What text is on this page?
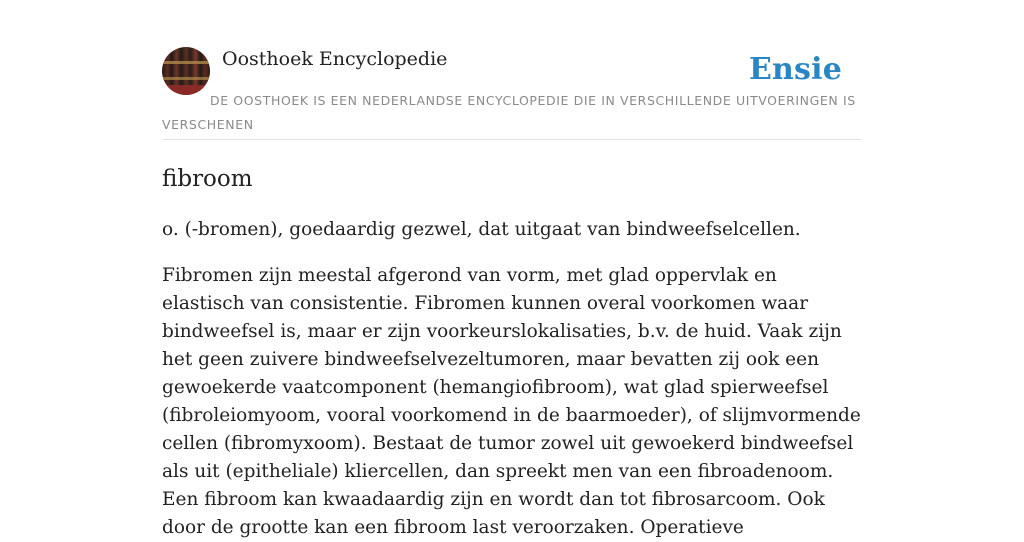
Oosthoek Encyclopedie	Ensie
DE OOSTHOEK IS EEN NEDERLANDSE ENCYCLOPEDIE DIE IN VERSCHILLENDE UITVOERINGEN IS VERSCHENEN
fibroom

o. (-bromen), goedaardig gezwel, dat uitgaat van bindweefselcellen.

Fibromen zijn meestal afgerond van vorm, met glad oppervlak en elastisch van consistentie. Fibromen kunnen overal voorkomen waar bindweefsel is, maar er zijn voorkeurslokalisaties, b.v. de huid. Vaak zijn het geen zuivere bindweefselvezeltumoren, maar bevatten zij ook een gewoekerde vaatcomponent (hemangiofibroom), wat glad spierweefsel (fibroleiomyoom, vooral voorkomend in de baarmoeder), of slijmvormende cellen (fibromyxoom). Bestaat de tumor zowel uit gewoekerd bindweefsel als uit (epitheliale) kliercellen, dan spreekt men van een fibroadenoom. Een fibroom kan kwaadaardig zijn en wordt dan tot fibrosarcoom. Ook door de grootte kan een fibroom last veroorzaken. Operatieve
